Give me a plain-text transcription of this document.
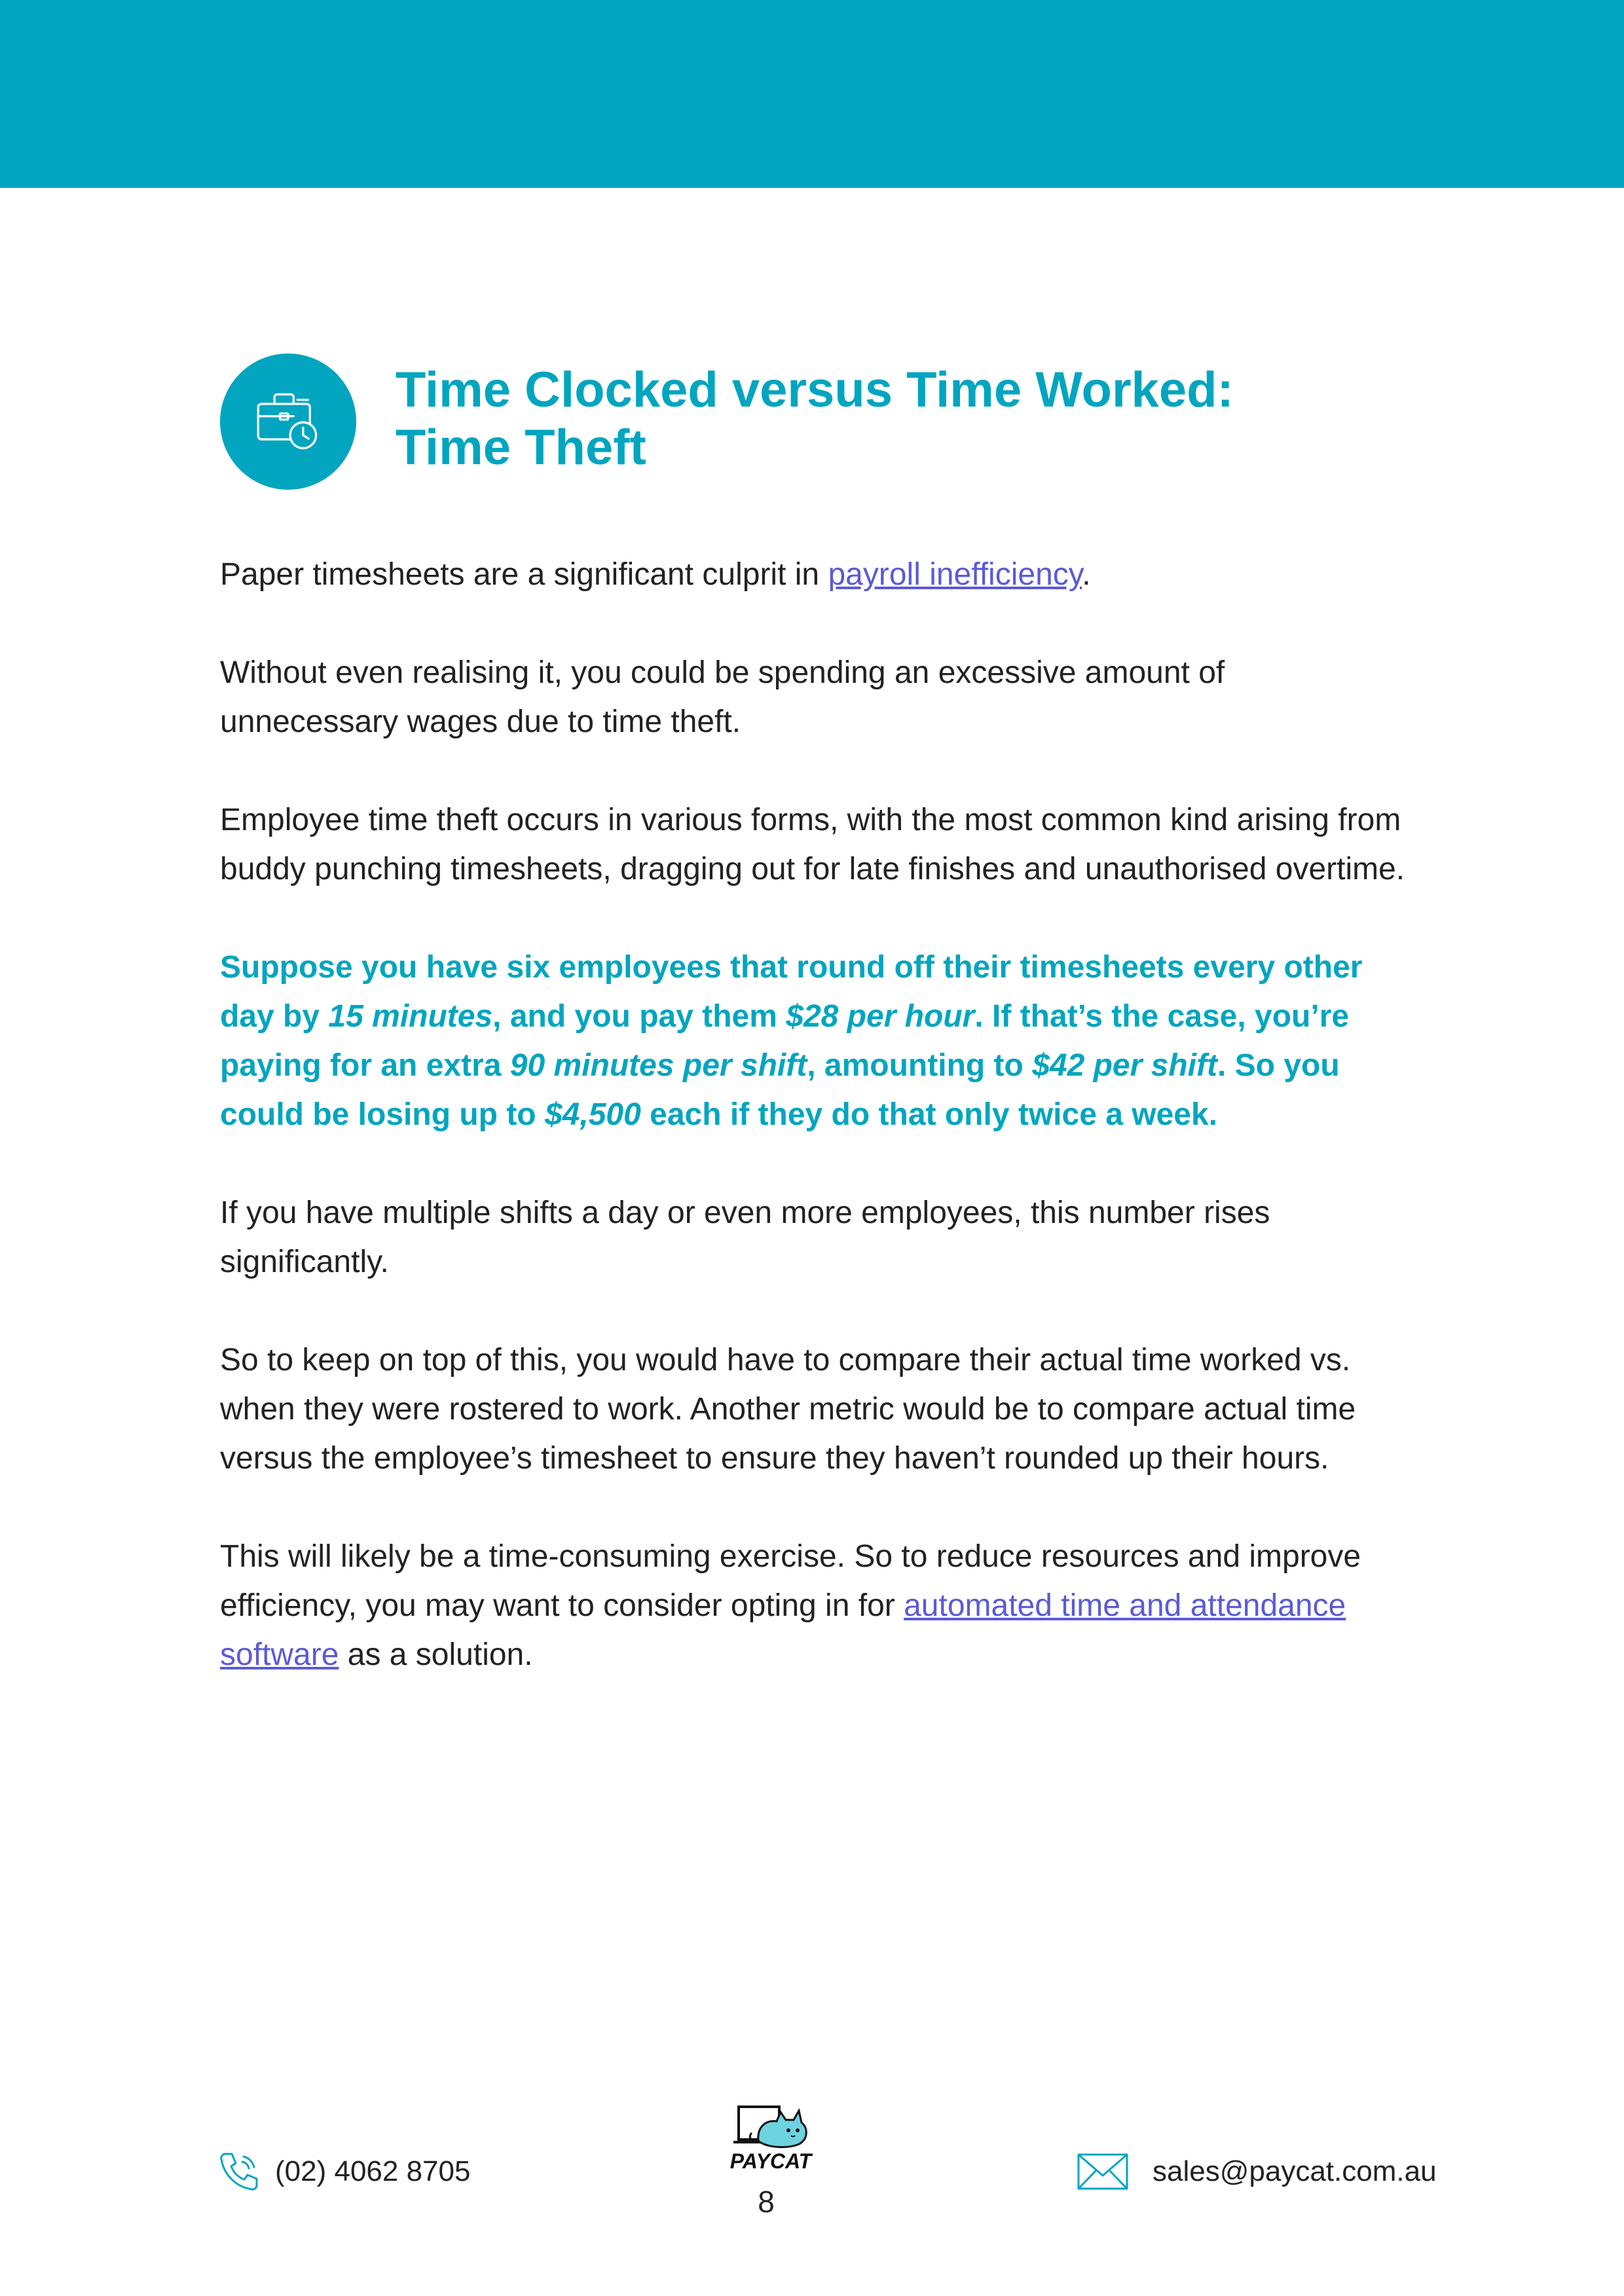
Time Clocked versus Time Worked:
Time Theft

Paper timesheets are a significant culprit in payroll inefficiency.

Without even realising it, you could be spending an excessive amount of unnecessary wages due to time theft.

Employee time theft occurs in various forms, with the most common kind arising from buddy punching timesheets, dragging out for late finishes and unauthorised overtime.

Suppose you have six employees that round off their timesheets every other day by 15 minutes, and you pay them $28 per hour. If that’s the case, you’re paying for an extra 90 minutes per shift, amounting to $42 per shift. So you could be losing up to $4,500 each if they do that only twice a week.

If you have multiple shifts a day or even more employees, this number rises significantly.

So to keep on top of this, you would have to compare their actual time worked vs. when they were rostered to work. Another metric would be to compare actual time versus the employee’s timesheet to ensure they haven’t rounded up their hours.

This will likely be a time-consuming exercise. So to reduce resources and improve efficiency, you may want to consider opting in for automated time and attendance software as a solution.

(02) 4062 8705	PAYCAT
8
sales@paycat.com.au
